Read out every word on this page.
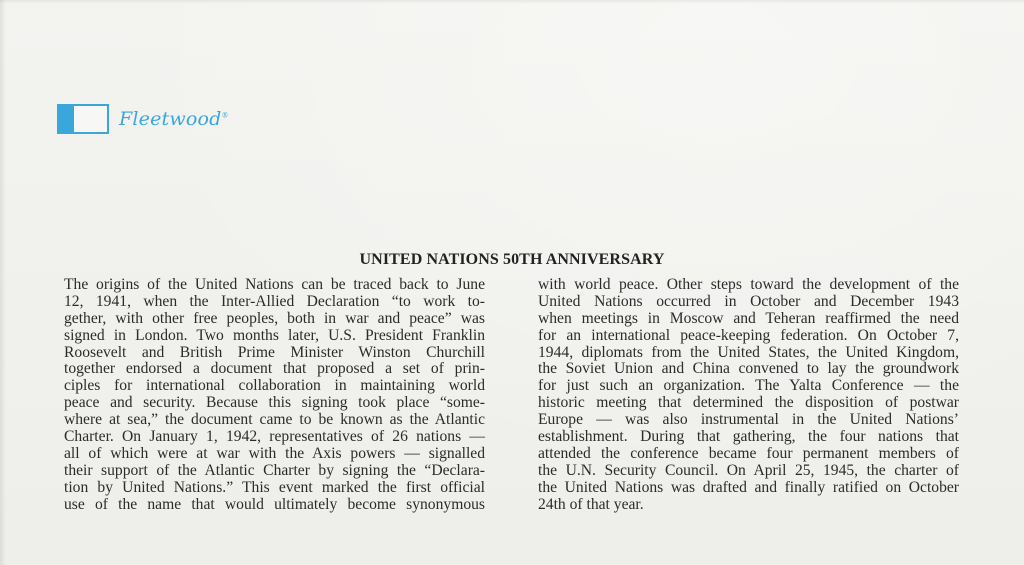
Fleetwood®
UNITED NATIONS 50TH ANNIVERSARY
The origins of the United Nations can be traced back to June
12, 1941, when the Inter-Allied Declaration “to work to-
gether, with other free peoples, both in war and peace” was
signed in London. Two months later, U.S. President Franklin
Roosevelt and British Prime Minister Winston Churchill
together endorsed a document that proposed a set of prin-
ciples for international collaboration in maintaining world
peace and security. Because this signing took place “some-
where at sea,” the document came to be known as the Atlantic
Charter. On January 1, 1942, representatives of 26 nations —
all of which were at war with the Axis powers — signalled
their support of the Atlantic Charter by signing the “Declara-
tion by United Nations.” This event marked the first official
use of the name that would ultimately become synonymous
with world peace. Other steps toward the development of the
United Nations occurred in October and December 1943
when meetings in Moscow and Teheran reaffirmed the need
for an international peace-keeping federation. On October 7,
1944, diplomats from the United States, the United Kingdom,
the Soviet Union and China convened to lay the groundwork
for just such an organization. The Yalta Conference — the
historic meeting that determined the disposition of postwar
Europe — was also instrumental in the United Nations’
establishment. During that gathering, the four nations that
attended the conference became four permanent members of
the U.N. Security Council. On April 25, 1945, the charter of
the United Nations was drafted and finally ratified on October
24th of that year.
